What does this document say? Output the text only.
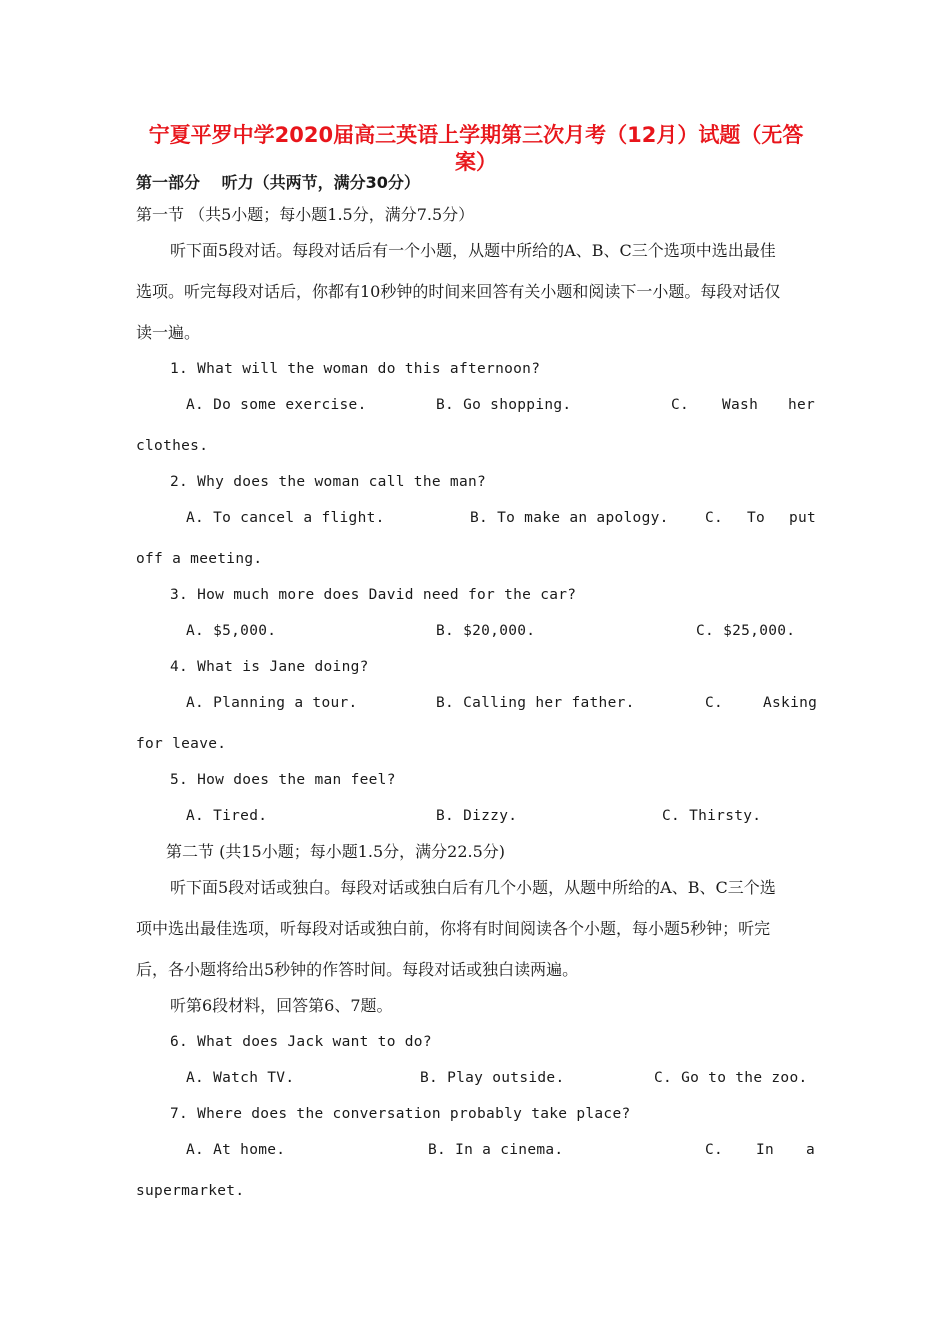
宁夏平罗中学2020届高三英语上学期第三次月考（12月）试题（无答案）
第一部分　 听力（共两节，满分30分）
第一节 （共5小题；每小题1.5分，满分7.5分）
听下面5段对话。每段对话后有一个小题，从题中所给的A、B、C三个选项中选出最佳
选项。听完每段对话后，你都有10秒钟的时间来回答有关小题和阅读下一小题。每段对话仅
读一遍。
1. What will the woman do this afternoon?
A. Do some exercise.	B. Go shopping.	C. Wash her
clothes.
2. Why does the woman call the man?
A. To cancel a flight.	B. To make an apology.	C. To put
off a meeting.
3. How much more does David need for the car?
A. $5,000.	B. $20,000.	C. $25,000.
4. What is Jane doing?
A. Planning a tour.	B. Calling her father.	C.	Asking
for leave.
5. How does the man feel?
A. Tired.	B. Dizzy.	C. Thirsty.
第二节 (共15小题；每小题1.5分，满分22.5分)
听下面5段对话或独白。每段对话或独白后有几个小题，从题中所给的A、B、C三个选
项中选出最佳选项，听每段对话或独白前，你将有时间阅读各个小题，每小题5秒钟；听完
后，各小题将给出5秒钟的作答时间。每段对话或独白读两遍。
听第6段材料，回答第6、7题。
6. What does Jack want to do?
A. Watch TV.	B. Play outside.	C. Go to the zoo.
7. Where does the conversation probably take place?
A. At home.	B. In a cinema.	C. In a
supermarket.
